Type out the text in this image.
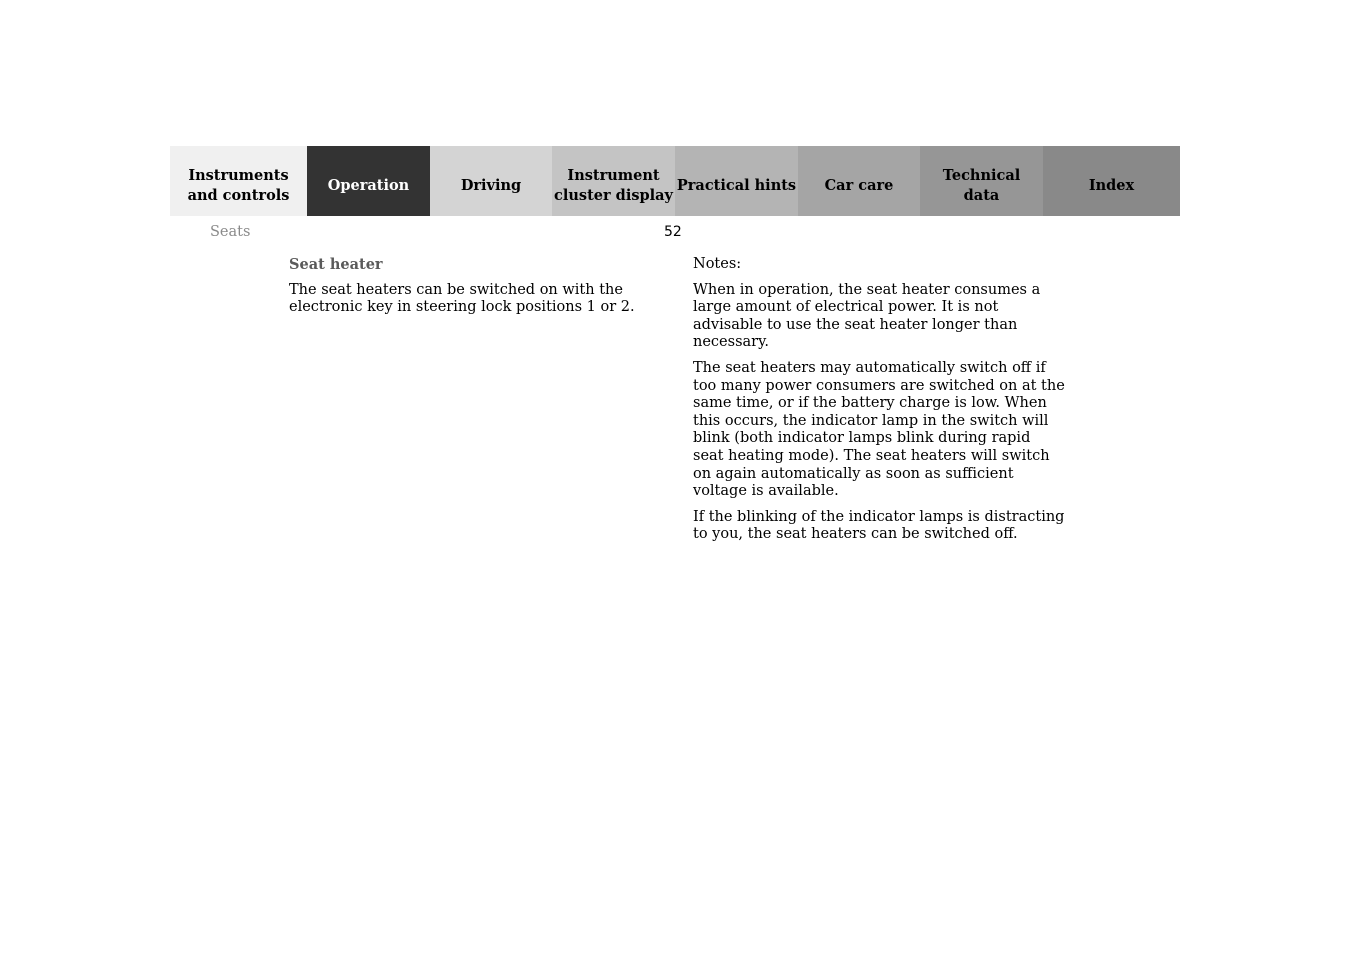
Instruments
and controls
Operation	Driving
Instrument
cluster display
Practical hints Car care
Technical
data
Index
Seats	52
Seat heater

The seat heaters can be switched on with the electronic key in steering lock positions 1 or 2.

Notes:

When in operation, the seat heater consumes a large amount of electrical power. It is not advisable to use the seat heater longer than necessary.

The seat heaters may automatically switch off if too many power consumers are switched on at the same time, or if the battery charge is low. When this occurs, the indicator lamp in the switch will blink (both indicator lamps blink during rapid seat heating mode). The seat heaters will switch on again automatically as soon as sufficient voltage is available.

If the blinking of the indicator lamps is distracting to you, the seat heaters can be switched off.
